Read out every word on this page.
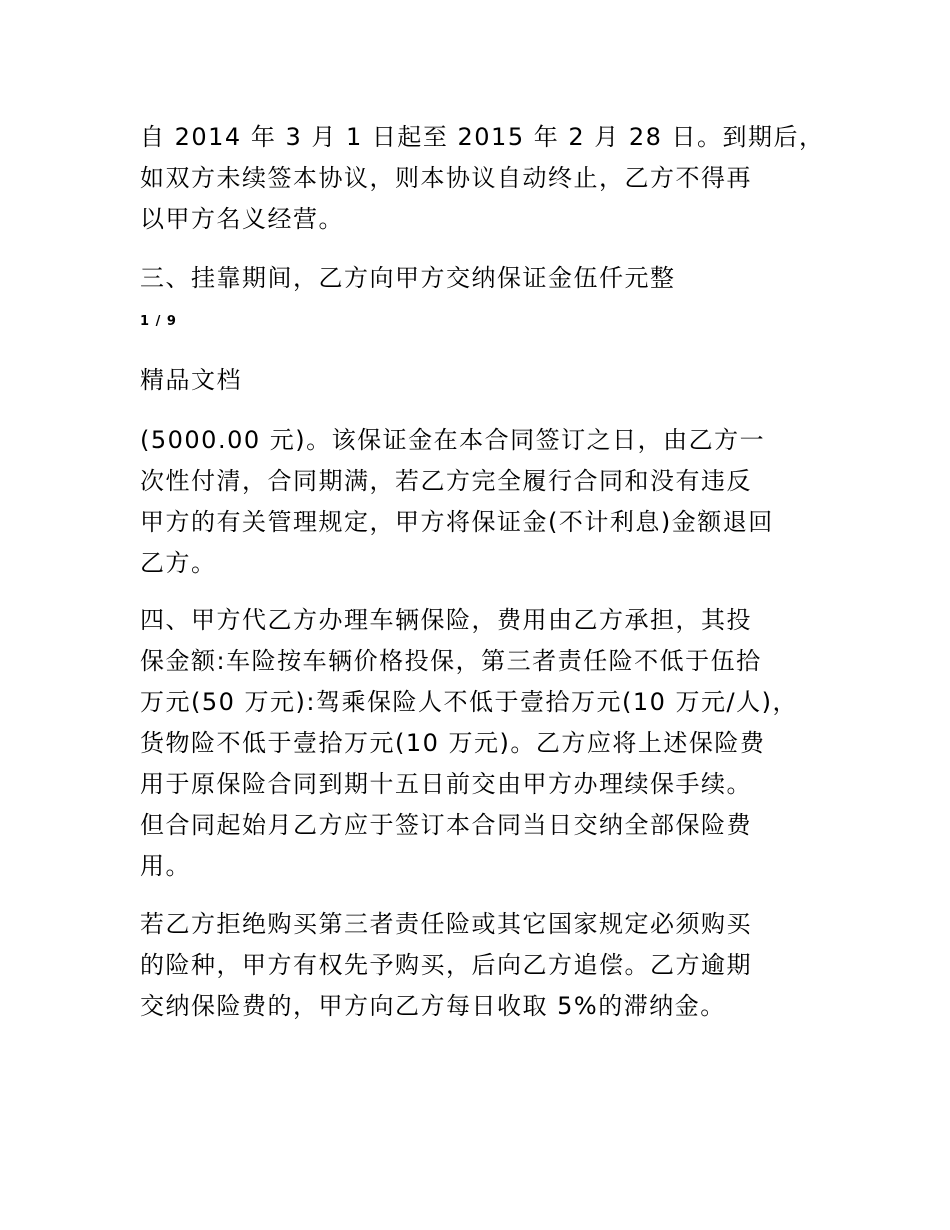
自 2014 年 3 月 1 日起至 2015 年 2 月 28 日。到期后，
如双方未续签本协议，则本协议自动终止，乙方不得再
以甲方名义经营。
三、挂靠期间，乙方向甲方交纳保证金伍仟元整
1 / 9
精品文档
(5000.00 元)。该保证金在本合同签订之日，由乙方一
次性付清，合同期满，若乙方完全履行合同和没有违反
甲方的有关管理规定，甲方将保证金(不计利息)金额退回
乙方。
四、甲方代乙方办理车辆保险，费用由乙方承担，其投
保金额:车险按车辆价格投保，第三者责任险不低于伍拾
万元(50 万元):驾乘保险人不低于壹拾万元(10 万元/人)，
货物险不低于壹拾万元(10 万元)。乙方应将上述保险费
用于原保险合同到期十五日前交由甲方办理续保手续。
但合同起始月乙方应于签订本合同当日交纳全部保险费
用。
若乙方拒绝购买第三者责任险或其它国家规定必须购买
的险种，甲方有权先予购买，后向乙方追偿。乙方逾期
交纳保险费的，甲方向乙方每日收取 5%的滞纳金。
